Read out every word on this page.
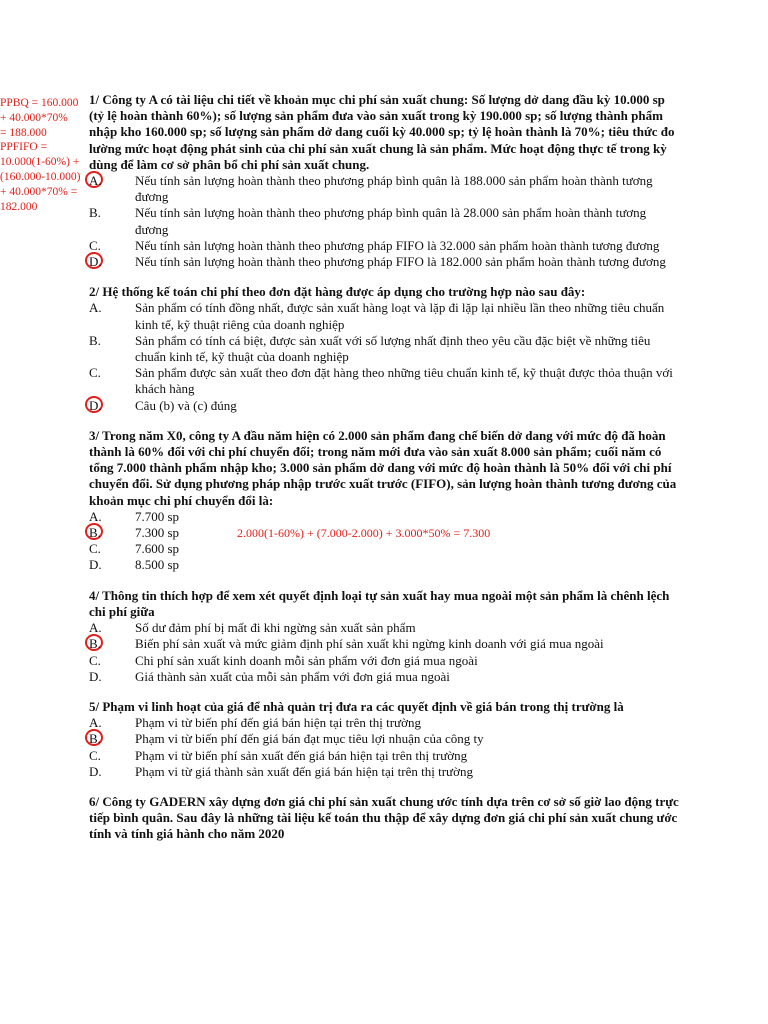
PPBQ = 160.000
+ 40.000*70%
= 188.000
PPFIFO =
10.000(1-60%) +
(160.000-10.000)
+ 40.000*70% =
182.000
1/ Công ty A có tài liệu chi tiết về khoản mục chi phí sản xuất chung: Số lượng dở dang đầu kỳ 10.000 sp (tỷ lệ hoàn thành 60%); số lượng sản phẩm đưa vào sản xuất trong kỳ 190.000 sp; số lượng thành phẩm nhập kho 160.000 sp; số lượng sản phẩm dở dang cuối kỳ 40.000 sp; tỷ lệ hoàn thành là 70%; tiêu thức đo lường mức hoạt động phát sinh của chi phí sản xuất chung là sản phẩm. Mức hoạt động thực tế trong kỳ dùng để làm cơ sở phân bổ chi phí sản xuất chung.
A.	Nếu tính sản lượng hoàn thành theo phương pháp bình quân là 188.000 sản phẩm hoàn thành tương đương
B.	Nếu tính sản lượng hoàn thành theo phương pháp bình quân là 28.000 sản phẩm hoàn thành tương đương
C.	Nếu tính sản lượng hoàn thành theo phương pháp FIFO là 32.000 sản phẩm hoàn thành tương đương
D.	Nếu tính sản lượng hoàn thành theo phương pháp FIFO là 182.000 sản phẩm hoàn thành tương đương
2/ Hệ thống kế toán chi phí theo đơn đặt hàng được áp dụng cho trường hợp nào sau đây:
A.	Sản phẩm có tính đồng nhất, được sản xuất hàng loạt và lặp đi lặp lại nhiều lần theo những tiêu chuẩn kinh tế, kỹ thuật riêng của doanh nghiệp
B.	Sản phẩm có tính cá biệt, được sản xuất với số lượng nhất định theo yêu cầu đặc biệt về những tiêu chuẩn kinh tế, kỹ thuật của doanh nghiệp
C.	Sản phẩm được sản xuất theo đơn đặt hàng theo những tiêu chuẩn kinh tế, kỹ thuật được thỏa thuận với khách hàng
D.	Câu (b) và (c) đúng
3/ Trong năm X0, công ty A đầu năm hiện có 2.000 sản phẩm đang chế biến dở dang với mức độ đã hoàn thành là 60% đối với chi phí chuyển đổi; trong năm mới đưa vào sản xuất 8.000 sản phẩm; cuối năm có tổng 7.000 thành phẩm nhập kho; 3.000 sản phẩm dở dang với mức độ hoàn thành là 50% đối với chi phí chuyển đổi. Sử dụng phương pháp nhập trước xuất trước (FIFO), sản lượng hoàn thành tương đương của khoản mục chi phí chuyển đổi là:
A.	7.700 sp
B.	7.300 sp	2.000(1-60%) + (7.000-2.000) + 3.000*50% = 7.300
C.	7.600 sp
D.	8.500 sp
4/ Thông tin thích hợp để xem xét quyết định loại tự sản xuất hay mua ngoài một sản phẩm là chênh lệch chi phí giữa
A.	Số dư đảm phí bị mất đi khi ngừng sản xuất sản phẩm
B.	Biến phí sản xuất và mức giảm định phí sản xuất khi ngừng kinh doanh với giá mua ngoài
C.	Chi phí sản xuất kinh doanh mỗi sản phẩm với đơn giá mua ngoài
D.	Giá thành sản xuất của mỗi sản phẩm với đơn giá mua ngoài
5/ Phạm vi linh hoạt của giá để nhà quản trị đưa ra các quyết định về giá bán trong thị trường là
A.	Phạm vi từ biến phí đến giá bán hiện tại trên thị trường
B.	Phạm vi từ biến phí đến giá bán đạt mục tiêu lợi nhuận của công ty
C.	Phạm vi từ biến phí sản xuất đến giá bán hiện tại trên thị trường
D.	Phạm vi từ giá thành sản xuất đến giá bán hiện tại trên thị trường
6/ Công ty GADERN xây dựng đơn giá chi phí sản xuất chung ước tính dựa trên cơ sở số giờ lao động trực tiếp bình quân. Sau đây là những tài liệu kế toán thu thập để xây dựng đơn giá chi phí sản xuất chung ước tính và tính giá hành cho năm 2020
